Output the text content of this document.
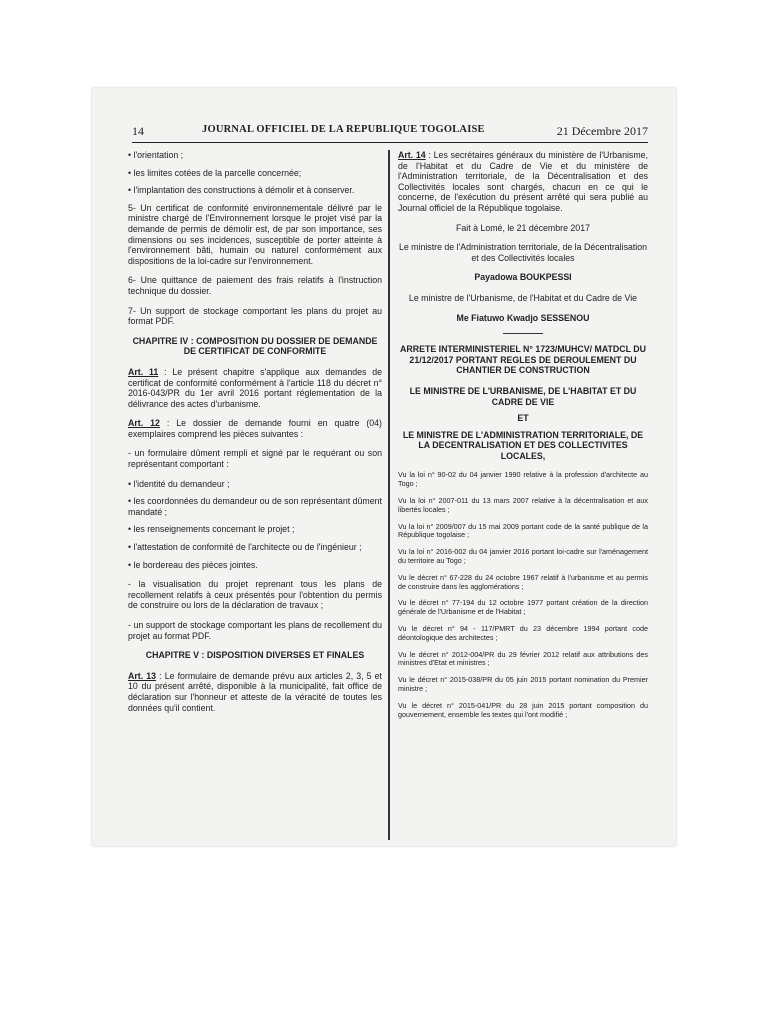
14	JOURNAL OFFICIEL DE LA REPUBLIQUE TOGOLAISE	21 Décembre 2017

• l'orientation ;

• les limites cotées de la parcelle concernée;

• l'implantation des constructions à démolir et à conserver.

5- Un certificat de conformité environnementale délivré par le ministre chargé de l'Environnement lorsque le projet visé par la demande de permis de démolir est, de par son importance, ses dimensions ou ses incidences, susceptible de porter atteinte à l'environnement bâti, humain ou naturel conformément aux dispositions de la loi-cadre sur l'environnement.

6- Une quittance de paiement des frais relatifs à l'instruction technique du dossier.

7- Un support de stockage comportant les plans du projet au format PDF.

CHAPITRE IV : COMPOSITION DU DOSSIER DE DEMANDE DE CERTIFICAT DE CONFORMITE

Art. 11 : Le présent chapitre s'applique aux demandes de certificat de conformité conformément à l'article 118 du décret n° 2016-043/PR du 1er avril 2016 portant réglementation de la délivrance des actes d'urbanisme.

Art. 12 : Le dossier de demande fourni en quatre (04) exemplaires comprend les pièces suivantes :

- un formulaire dûment rempli et signé par le requérant ou son représentant comportant :

• l'identité du demandeur ;

• les coordonnées du demandeur ou de son représentant dûment mandaté ;

• les renseignements concernant le projet ;

• l'attestation de conformité de l'architecte ou de l'ingénieur ;

• le bordereau des pièces jointes.

- la visualisation du projet reprenant tous les plans de recollement relatifs à ceux présentés pour l'obtention du permis de construire ou lors de la déclaration de travaux ;

- un support de stockage comportant les plans de recollement du projet au format PDF.

CHAPITRE V : DISPOSITION DIVERSES ET FINALES

Art. 13 : Le formulaire de demande prévu aux articles 2, 3, 5 et 10 du présent arrêté, disponible à la municipalité, fait office de déclaration sur l'honneur et atteste de la véracité de toutes les données qu'il contient.

Art. 14 : Les secrétaires généraux du ministère de l'Urbanisme, de l'Habitat et du Cadre de Vie et du ministère de l'Administration territoriale, de la Décentralisation et des Collectivités locales sont chargés, chacun en ce qui le concerne, de l'exécution du présent arrêté qui sera publié au Journal officiel de la République togolaise.

Fait à Lomé, le 21 décembre 2017

Le ministre de l'Administration territoriale, de la Décentralisation et des Collectivités locales

Payadowa BOUKPESSI

Le ministre de l'Urbanisme, de l'Habitat et du Cadre de Vie

Me Fiatuwo Kwadjo SESSENOU
ARRETE INTERMINISTERIEL N° 1723/MUHCV/ MATDCL DU 21/12/2017 PORTANT REGLES DE DEROULEMENT DU CHANTIER DE CONSTRUCTION
LE MINISTRE DE L'URBANISME, DE L'HABITAT ET DU CADRE DE VIE
ET
LE MINISTRE DE L'ADMINISTRATION TERRITORIALE, DE LA DECENTRALISATION ET DES COLLECTIVITES LOCALES,

Vu la loi n° 90-02 du 04 janvier 1990 relative à la profession d'architecte au Togo ;

Vu la loi n° 2007-011 du 13 mars 2007 relative à la décentralisation et aux libertés locales ;

Vu la loi n° 2009/007 du 15 mai 2009 portant code de la santé publique de la République togolaise ;

Vu la loi n° 2016-002 du 04 janvier 2016 portant loi-cadre sur l'aménagement du territoire au Togo ;

Vu le décret n° 67-228 du 24 octobre 1967 relatif à l'urbanisme et au permis de construire dans les agglomérations ;

Vu le décret n° 77-194 du 12 octobre 1977 portant création de la direction générale de l'Urbanisme et de l'Habitat ;

Vu le décret n° 94 - 117/PMRT du 23 décembre 1994 portant code déontologique des architectes ;

Vu le décret n° 2012-004/PR du 29 février 2012 relatif aux attributions des ministres d'Etat et ministres ;

Vu le décret n° 2015-038/PR du 05 juin 2015 portant nomination du Premier ministre ;

Vu le décret n° 2015-041/PR du 28 juin 2015 portant composition du gouvernement, ensemble les textes qui l'ont modifié ;
